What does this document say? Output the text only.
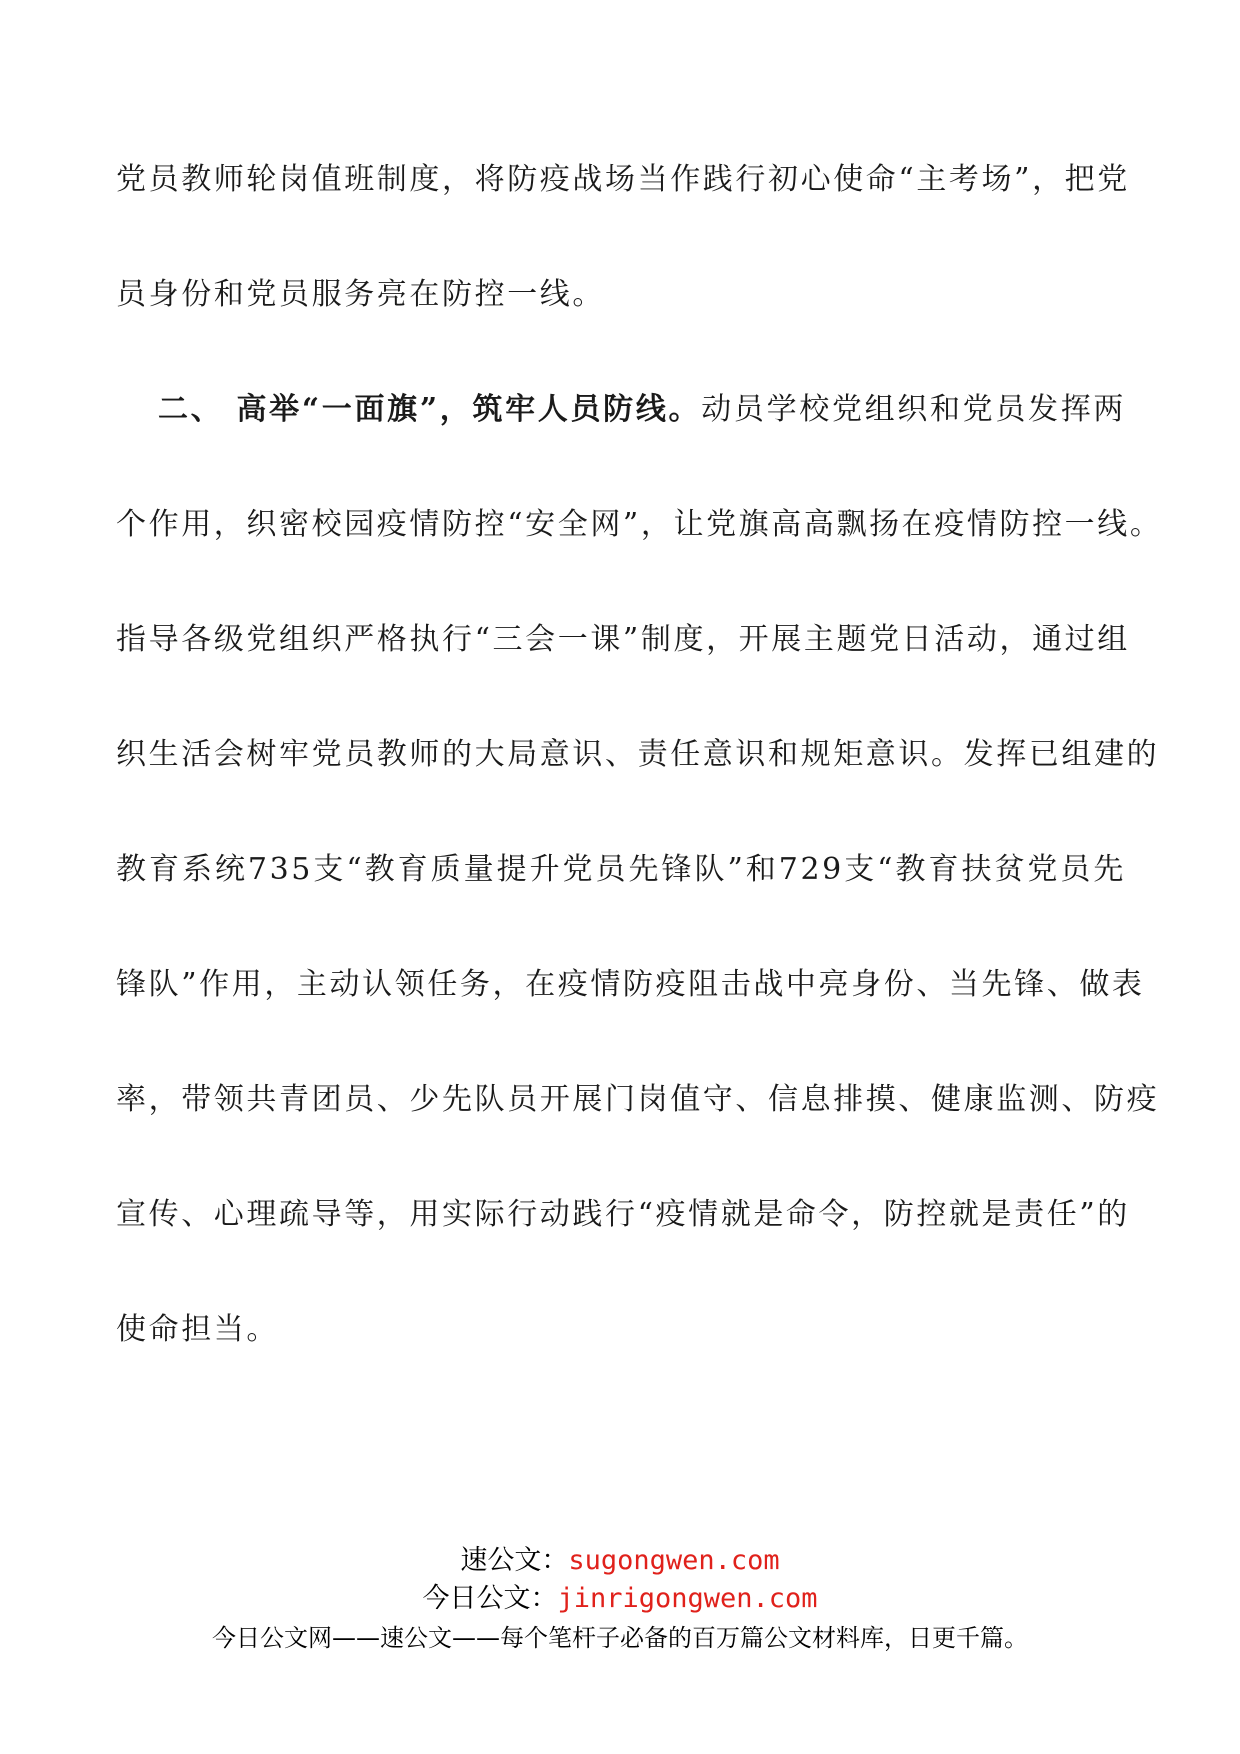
党员教师轮岗值班制度，将防疫战场当作践行初心使命“主考场”，把党
员身份和党员服务亮在防控一线。
二、 高举“一面旗”，筑牢人员防线。动员学校党组织和党员发挥两
个作用，织密校园疫情防控“安全网”，让党旗高高飘扬在疫情防控一线。
指导各级党组织严格执行“三会一课”制度，开展主题党日活动，通过组
织生活会树牢党员教师的大局意识、责任意识和规矩意识。发挥已组建的
教育系统735支“教育质量提升党员先锋队”和729支“教育扶贫党员先
锋队”作用，主动认领任务，在疫情防疫阻击战中亮身份、当先锋、做表
率，带领共青团员、少先队员开展门岗值守、信息排摸、健康监测、防疫
宣传、心理疏导等，用实际行动践行“疫情就是命令，防控就是责任”的
使命担当。
速公文：sugongwen.com
今日公文：jinrigongwen.com
今日公文网——速公文——每个笔杆子必备的百万篇公文材料库，日更千篇。
